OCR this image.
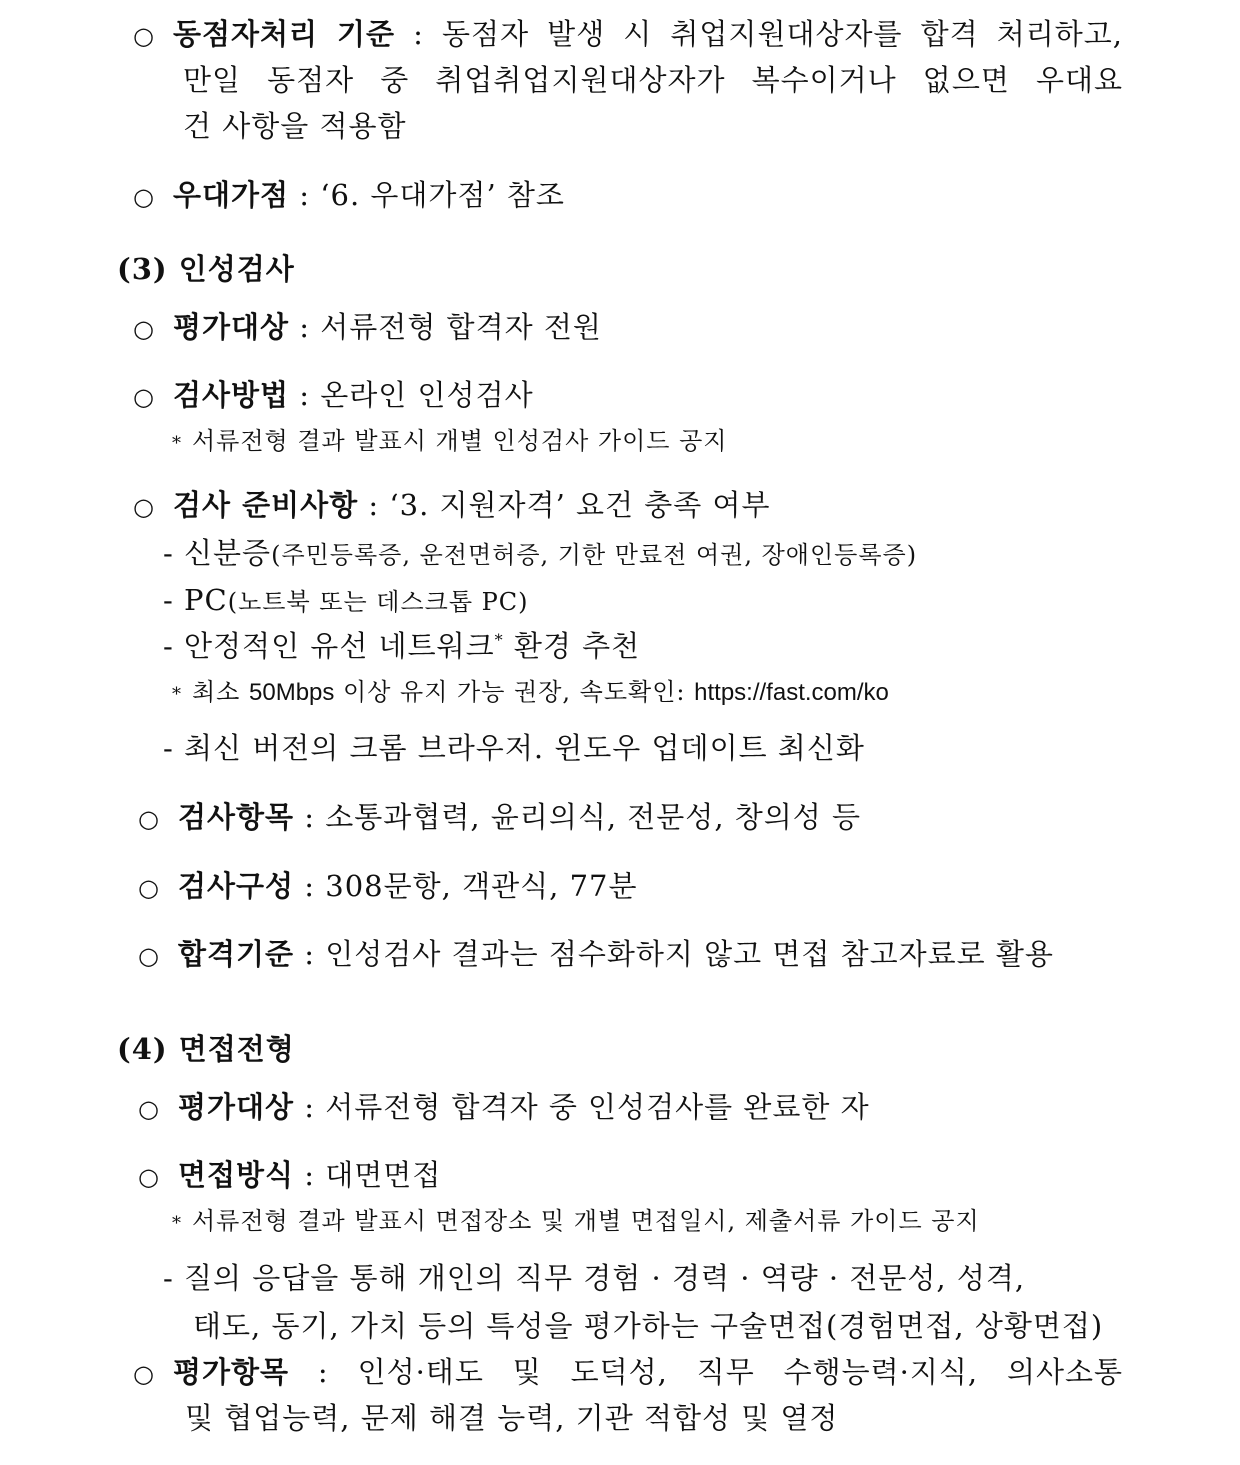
○ 동점자처리 기준 : 동점자 발생 시 취업지원대상자를 합격 처리하고,
만일 동점자 중 취업취업지원대상자가 복수이거나 없으면 우대요
건 사항을 적용함
○ 우대가점 : ‘6. 우대가점’ 참조
(3) 인성검사
○ 평가대상 : 서류전형 합격자 전원
○ 검사방법 : 온라인 인성검사
* 서류전형 결과 발표시 개별 인성검사 가이드 공지
○ 검사 준비사항 : ‘3. 지원자격’ 요건 충족 여부
- 신분증(주민등록증, 운전면허증, 기한 만료전 여권, 장애인등록증)
- PC(노트북 또는 데스크톱 PC)
- 안정적인 유선 네트워크* 환경 추천
* 최소 50Mbps 이상 유지 가능 권장, 속도확인: https://fast.com/ko
- 최신 버전의 크롬 브라우저. 윈도우 업데이트 최신화
○ 검사항목 : 소통과협력, 윤리의식, 전문성, 창의성 등
○ 검사구성 : 308문항, 객관식, 77분
○ 합격기준 : 인성검사 결과는 점수화하지 않고 면접 참고자료로 활용
(4) 면접전형
○ 평가대상 : 서류전형 합격자 중 인성검사를 완료한 자
○ 면접방식 : 대면면접
* 서류전형 결과 발표시 면접장소 및 개별 면접일시, 제출서류 가이드 공지
- 질의 응답을 통해 개인의 직무 경험 · 경력 · 역량 · 전문성, 성격,
태도, 동기, 가치 등의 특성을 평가하는 구술면접(경험면접, 상황면접)
○ 평가항목 : 인성·태도 및 도덕성, 직무 수행능력·지식, 의사소통
및 협업능력, 문제 해결 능력, 기관 적합성 및 열정
